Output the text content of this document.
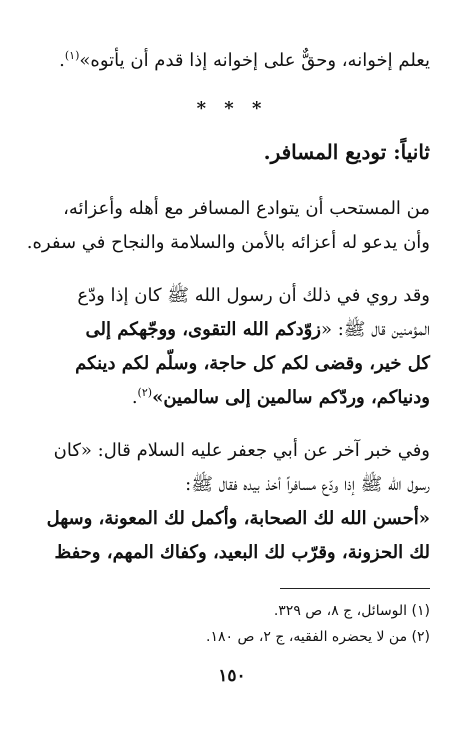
يعلم إخوانه، وحقٌّ على إخوانه إذا قدم أن يأتوه»$^{(١)}$.
* * *
ثانياً: توديع المسافر.
من المستحب أن يتوادع المسافر مع أهله وأعزائه،
وأن يدعو له أعزائه بالأمن والسلامة والنجاح في سفره.
وقد روي في ذلك أن رسول الله ﷺ كان إذا ودّع
المؤمنين قال ﷺ: «زوّدكم الله التقوى، ووجّهكم إلى
كل خير، وقضى لكم كل حاجة، وسلّم لكم دينكم
ودنياكم، وردّكم سالمين إلى سالمين»$^{(٢)}$.
وفي خبر آخر عن أبي جعفر عليه السلام قال: «كان
رسول الله ﷺ إذا ودّع مسافراً أخذ بيده فقال ﷺ:
«أحسن الله لك الصحابة، وأكمل لك المعونة، وسهل
لك الحزونة، وقرّب لك البعيد، وكفاك المهم، وحفظ
(١) الوسائل، ج ٨، ص ٣٢٩.
(٢) من لا يحضره الفقيه، ج ٢، ص ١٨٠.
١٥٠
